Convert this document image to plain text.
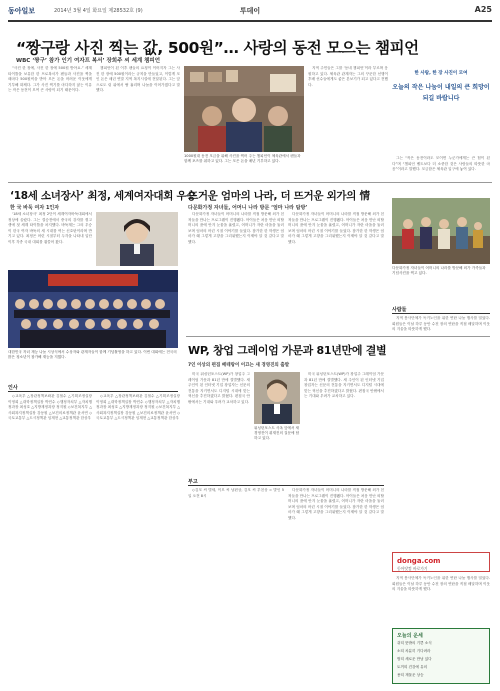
동아일보	2014년 3월 4일 화요일 제28532호 (9)	투데이	A25
“짱구랑 사진 찍는 값, 500원”… 사랑의 동전 모으는 챔피언
WBC ‘짱구’ 참가 인기 여자프 복서’ 장희주 씨 세계 챔피언

“사진 한 장에, 사진 한 장에 500원 받아요.” 세계 타이틀을 보유한 한 프로복서가 팬들과 사진을 찍을 때마다 500원씩을 받아 모은 돈을 어려운 이웃에게 기부해 화제다. 그가 사진 찍기를 마다하지 않는 이유는 작은 동전이 모여 큰 사랑이 되기 때문이다.

챔피언이 된 이후 팬들의 요청이 이어지자 그는 사진 한 장에 500원이라는 규칙을 만들었고, 이렇게 모인 돈은 매년 연말 지역 복지시설에 전달된다. 그는 앞으로도 링 위에서 땀 흘리며 나눔을 이어가겠다고 말했다.

지역 주민들은 그를 ‘동네 챔피언’이라 부르며 응원하고 있다. 체육관 관계자는 그의 꾸준한 선행이 후배 선수들에게도 좋은 본보기가 되고 있다고 전했다.

한 사람, 한 장 사진이 모여
오늘의 작은 나눔이 내일의 큰 희망이 되길 바랍니다
1000원대 동전 모금을 위해 사진을 찍어 주는 챔피언이 체육관에서 팬들과 함께 포즈를 취하고 있다. 그는 모은 돈을 매년 기부하고 있다.

그는 “작은 동전이라도 모이면 누군가에게는 큰 힘이 된다”며 “챔피언 벨트보다 더 소중한 것은 사람들의 따뜻한 마음”이라고 말했다. 모금함은 체육관 입구에 놓여 있다.

‘18세 소녀장사’ 최정, 세계여자대회 우승
한 국 바둑 여자 1인자

‘18세 소녀장사’ 최정 2단이 세계여자바둑대회에서 정상에 올랐다. 그는 결승전에서 중국의 강자를 꺾고 생애 첫 세계 타이틀을 차지했다. 바둑계는 그의 우승이 한국 여자 바둑의 새 시대를 여는 신호탄이라며 반기고 있다. 최정은 어린 시절부터 두각을 나타내 입단 이후 각종 국내 대회를 휩쓸어 왔다.

대한민국 자녀 재능 나눔 시상식에서 수상자와 관계자들이 함께 기념촬영을 하고 있다. 이번 대회에는 전국의 많은 청소년이 참가해 재능을 겨뤘다.
뜨거운 엄마의 나라, 더 뜨거운 외가의 情
다문화가정 자녀들, 어머니 나라 방문 ‘엄마 나라 탐방’

다문화가정 자녀들이 어머니의 나라를 직접 방문해 외가 친척들을 만나는 프로그램이 진행됐다. 아이들은 처음 만난 외할머니의 품에 안겨 눈물을 흘렸고, 어머니가 자란 마을을 둘러보며 엄마의 어린 시절 이야기를 들었다. 참가한 한 학생은 엄마가 왜 그렇게 고향을 그리워했는지 이제야 알 것 같다고 말했다.

다문화가정 자녀들이 어머니의 나라를 직접 방문해 외가 친척들을 만나는 프로그램이 진행됐다. 아이들은 처음 만난 외할머니의 품에 안겨 눈물을 흘렸고, 어머니가 자란 마을을 둘러보며 엄마의 어린 시절 이야기를 들었다. 참가한 한 학생은 엄마가 왜 그렇게 고향을 그리워했는지 이제야 알 것 같다고 말했다.

다문화가정 자녀들이 어머니의 나라를 방문해 외가 가족들과 기념사진을 찍고 있다.
WP, 창업 그레이엄 가문과 81년만에 결별
7인 이상의 편집 베테랑이 이끄는 새 경영진의 출발

미국 워싱턴포스트(WP)가 창업주 그레이엄 가문과 81년 만에 결별했다. 새 주인이 된 인터넷 기업 창업자는 신문의 전통을 지키면서도 디지털 시대에 맞는 혁신을 추진하겠다고 밝혔다. 편집국 안팎에서는 기대와 우려가 교차하고 있다.

미국 워싱턴포스트(WP)가 창업주 그레이엄 가문과 81년 만에 결별했다. 새 주인이 된 인터넷 기업 창업자는 신문의 전통을 지키면서도 디지털 시대에 맞는 혁신을 추진하겠다고 밝혔다. 편집국 안팎에서는 기대와 우려가 교차하고 있다.

워싱턴포스트 사옥 앞에서 새 경영진이 취재진의 질문에 답하고 있다.
인사

◇교육부 △장관정책보좌관 김철수 △기획조정실장 이영희 △대학정책실장 박민수 ◇행정자치부 △자치행정과장 최성호 △지방재정과장 정지원 ◇보건복지부 △사회복지정책실장 강동원 △보건의료정책관 윤서연 ◇국토교통부 △도시정책관 임재현 △교통정책관 한상우

◇교육부 △장관정책보좌관 김철수 △기획조정실장 이영희 △대학정책실장 박민수 ◇행정자치부 △자치행정과장 최성호 △지방재정과장 정지원 ◇보건복지부 △사회복지정책실장 강동원 △보건의료정책관 윤서연 ◇국토교통부 △도시정책관 임재현 △교통정책관 한상우

부고

◇김모 씨 별세, 이모 씨 남편상, 김모 씨 부친상 = 발인 5일 오전 8시

다문화가정 자녀들이 어머니의 나라를 직접 방문해 외가 친척들을 만나는 프로그램이 진행됐다. 아이들은 처음 만난 외할머니의 품에 안겨 눈물을 흘렸고, 어머니가 자란 마을을 둘러보며 엄마의 어린 시절 이야기를 들었다. 참가한 한 학생은 엄마가 왜 그렇게 고향을 그리워했는지 이제야 알 것 같다고 말했다.

사람들

지역 봉사단체가 독거노인을 위한 연탄 나눔 행사를 열었다. 회원들은 이날 하루 동안 수천 장의 연탄을 직접 배달하며 이웃의 겨울을 따뜻하게 했다.

donga.com
동아닷컴 바로가기

지역 봉사단체가 독거노인을 위한 연탄 나눔 행사를 열었다. 회원들은 이날 하루 동안 수천 장의 연탄을 직접 배달하며 이웃의 겨울을 따뜻하게 했다.

오늘의 운세
쥐띠 뜻밖의 기쁜 소식
소띠 차분히 기다려라
범띠 새로운 만남 있다
토끼띠 건강에 유의
용띠 재물운 상승
